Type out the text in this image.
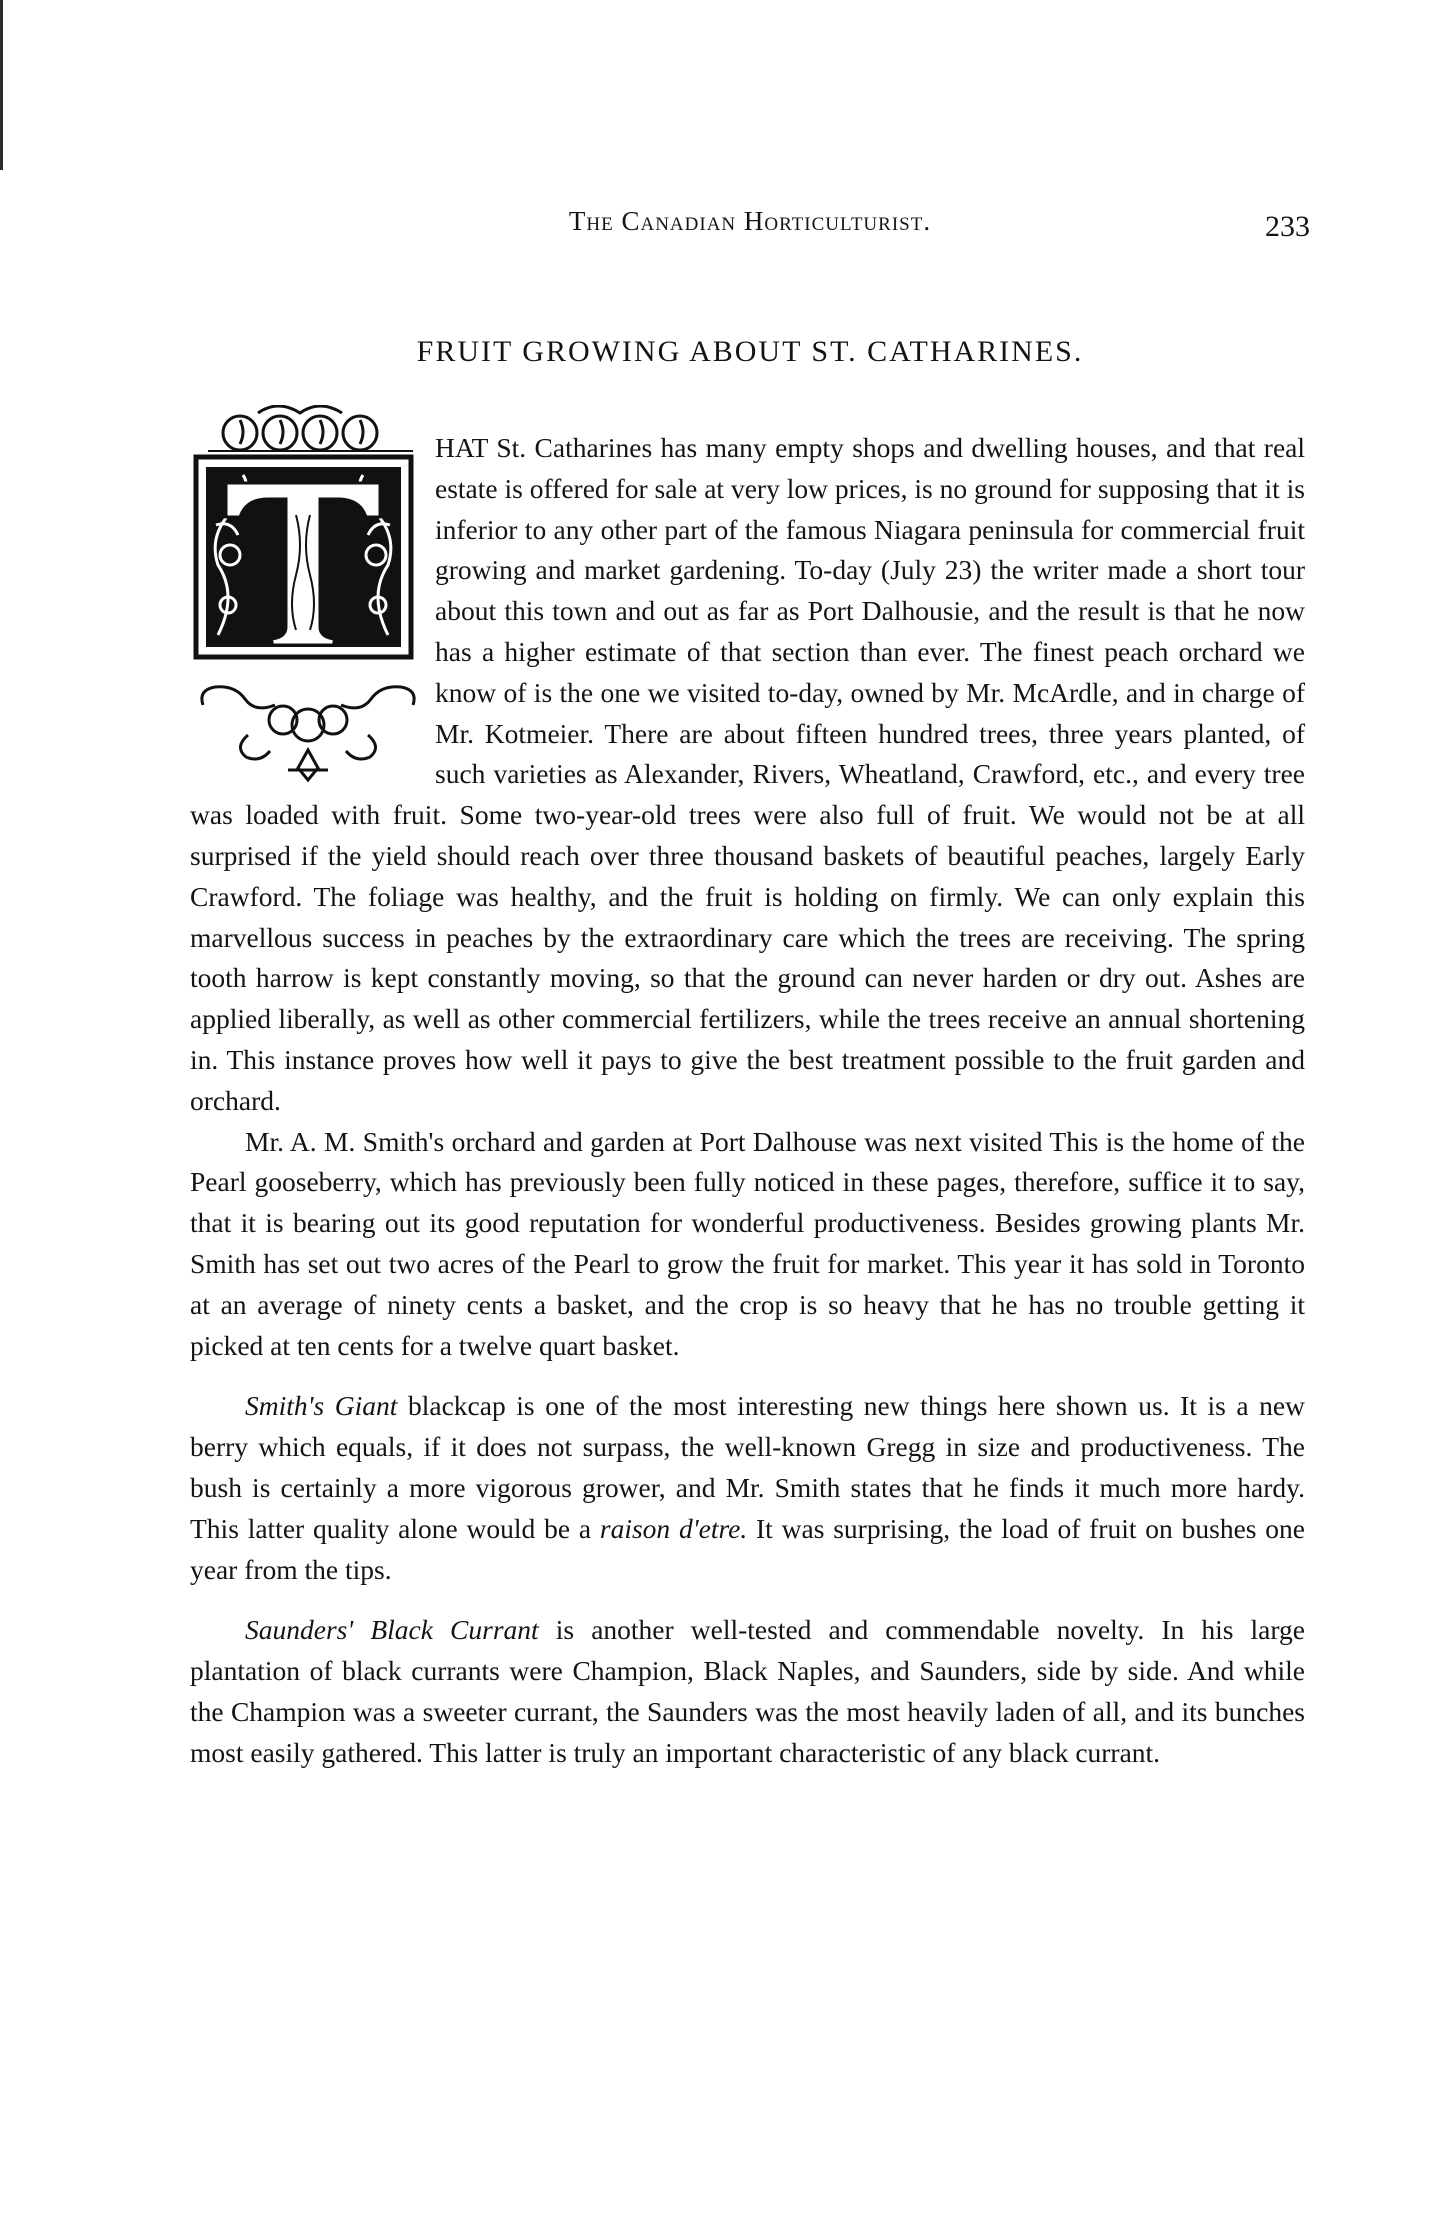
The Canadian Horticulturist.	233
FRUIT GROWING ABOUT ST. CATHARINES.

HAT St. Catharines has many empty shops and dwelling houses, and that real estate is offered for sale at very low prices, is no ground for supposing that it is inferior to any other part of the famous Niagara peninsula for commercial fruit growing and market gardening. To-day (July 23) the writer made a short tour about this town and out as far as Port Dalhousie, and the result is that he now has a higher estimate of that section than ever. The finest peach orchard we know of is the one we visited to-day, owned by Mr. McArdle, and in charge of Mr. Kotmeier. There are about fifteen hundred trees, three years planted, of such varieties as Alexander, Rivers, Wheatland, Crawford, etc., and every tree was loaded with fruit. Some two-year-old trees were also full of fruit. We would not be at all surprised if the yield should reach over three thousand baskets of beautiful peaches, largely Early Crawford. The foliage was healthy, and the fruit is holding on firmly. We can only explain this marvellous success in peaches by the extraordinary care which the trees are receiving. The spring tooth harrow is kept constantly moving, so that the ground can never harden or dry out. Ashes are applied liberally, as well as other commercial fertilizers, while the trees receive an annual shortening in. This instance proves how well it pays to give the best treatment possible to the fruit garden and orchard.

Mr. A. M. Smith's orchard and garden at Port Dalhouse was next visited This is the home of the Pearl gooseberry, which has previously been fully noticed in these pages, therefore, suffice it to say, that it is bearing out its good reputation for wonderful productiveness. Besides growing plants Mr. Smith has set out two acres of the Pearl to grow the fruit for market. This year it has sold in Toronto at an average of ninety cents a basket, and the crop is so heavy that he has no trouble getting it picked at ten cents for a twelve quart basket.

Smith's Giant blackcap is one of the most interesting new things here shown us. It is a new berry which equals, if it does not surpass, the well-known Gregg in size and productiveness. The bush is certainly a more vigorous grower, and Mr. Smith states that he finds it much more hardy. This latter quality alone would be a raison d'etre. It was surprising, the load of fruit on bushes one year from the tips.

Saunders' Black Currant is another well-tested and commendable novelty. In his large plantation of black currants were Champion, Black Naples, and Saunders, side by side. And while the Champion was a sweeter currant, the Saunders was the most heavily laden of all, and its bunches most easily gathered. This latter is truly an important characteristic of any black currant.
